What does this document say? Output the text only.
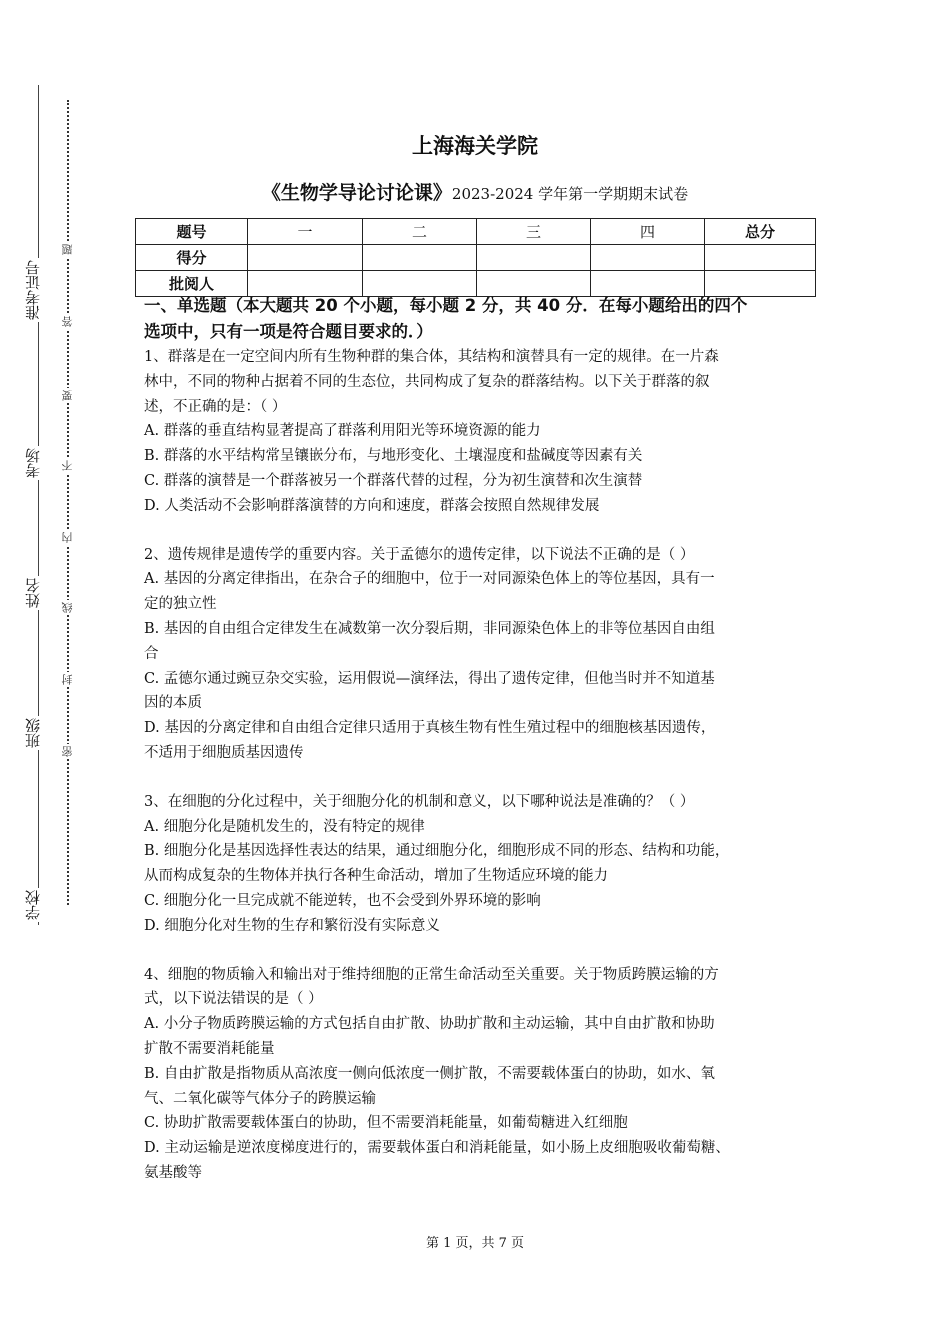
准考证号
考场
姓名
班级
学校
题
答
要
不
内
线
封
密
上海海关学院
《生物学导论讨论课》2023-2024 学年第一学期期末试卷
题号	一	二	三	四	总分
得分					
批阅人					
一、单选题（本大题共 20 个小题，每小题 2 分，共 40 分．在每小题给出的四个
选项中，只有一项是符合题目要求的．）
1、群落是在一定空间内所有生物种群的集合体，其结构和演替具有一定的规律。在一片森
林中，不同的物种占据着不同的生态位，共同构成了复杂的群落结构。以下关于群落的叙
述，不正确的是：（ ）
A. 群落的垂直结构显著提高了群落利用阳光等环境资源的能力
B. 群落的水平结构常呈镶嵌分布，与地形变化、土壤湿度和盐碱度等因素有关
C. 群落的演替是一个群落被另一个群落代替的过程，分为初生演替和次生演替
D. 人类活动不会影响群落演替的方向和速度，群落会按照自然规律发展
2、遗传规律是遗传学的重要内容。关于孟德尔的遗传定律，以下说法不正确的是（ ）
A. 基因的分离定律指出，在杂合子的细胞中，位于一对同源染色体上的等位基因，具有一
定的独立性
B. 基因的自由组合定律发生在减数第一次分裂后期，非同源染色体上的非等位基因自由组
合
C. 孟德尔通过豌豆杂交实验，运用假说—演绎法，得出了遗传定律，但他当时并不知道基
因的本质
D. 基因的分离定律和自由组合定律只适用于真核生物有性生殖过程中的细胞核基因遗传，
不适用于细胞质基因遗传
3、在细胞的分化过程中，关于细胞分化的机制和意义，以下哪种说法是准确的？（ ）
A. 细胞分化是随机发生的，没有特定的规律
B. 细胞分化是基因选择性表达的结果，通过细胞分化，细胞形成不同的形态、结构和功能，
从而构成复杂的生物体并执行各种生命活动，增加了生物适应环境的能力
C. 细胞分化一旦完成就不能逆转，也不会受到外界环境的影响
D. 细胞分化对生物的生存和繁衍没有实际意义
4、细胞的物质输入和输出对于维持细胞的正常生命活动至关重要。关于物质跨膜运输的方
式，以下说法错误的是（ ）
A. 小分子物质跨膜运输的方式包括自由扩散、协助扩散和主动运输，其中自由扩散和协助
扩散不需要消耗能量
B. 自由扩散是指物质从高浓度一侧向低浓度一侧扩散，不需要载体蛋白的协助，如水、氧
气、二氧化碳等气体分子的跨膜运输
C. 协助扩散需要载体蛋白的协助，但不需要消耗能量，如葡萄糖进入红细胞
D. 主动运输是逆浓度梯度进行的，需要载体蛋白和消耗能量，如小肠上皮细胞吸收葡萄糖、
氨基酸等
第 1 页，共 7 页
